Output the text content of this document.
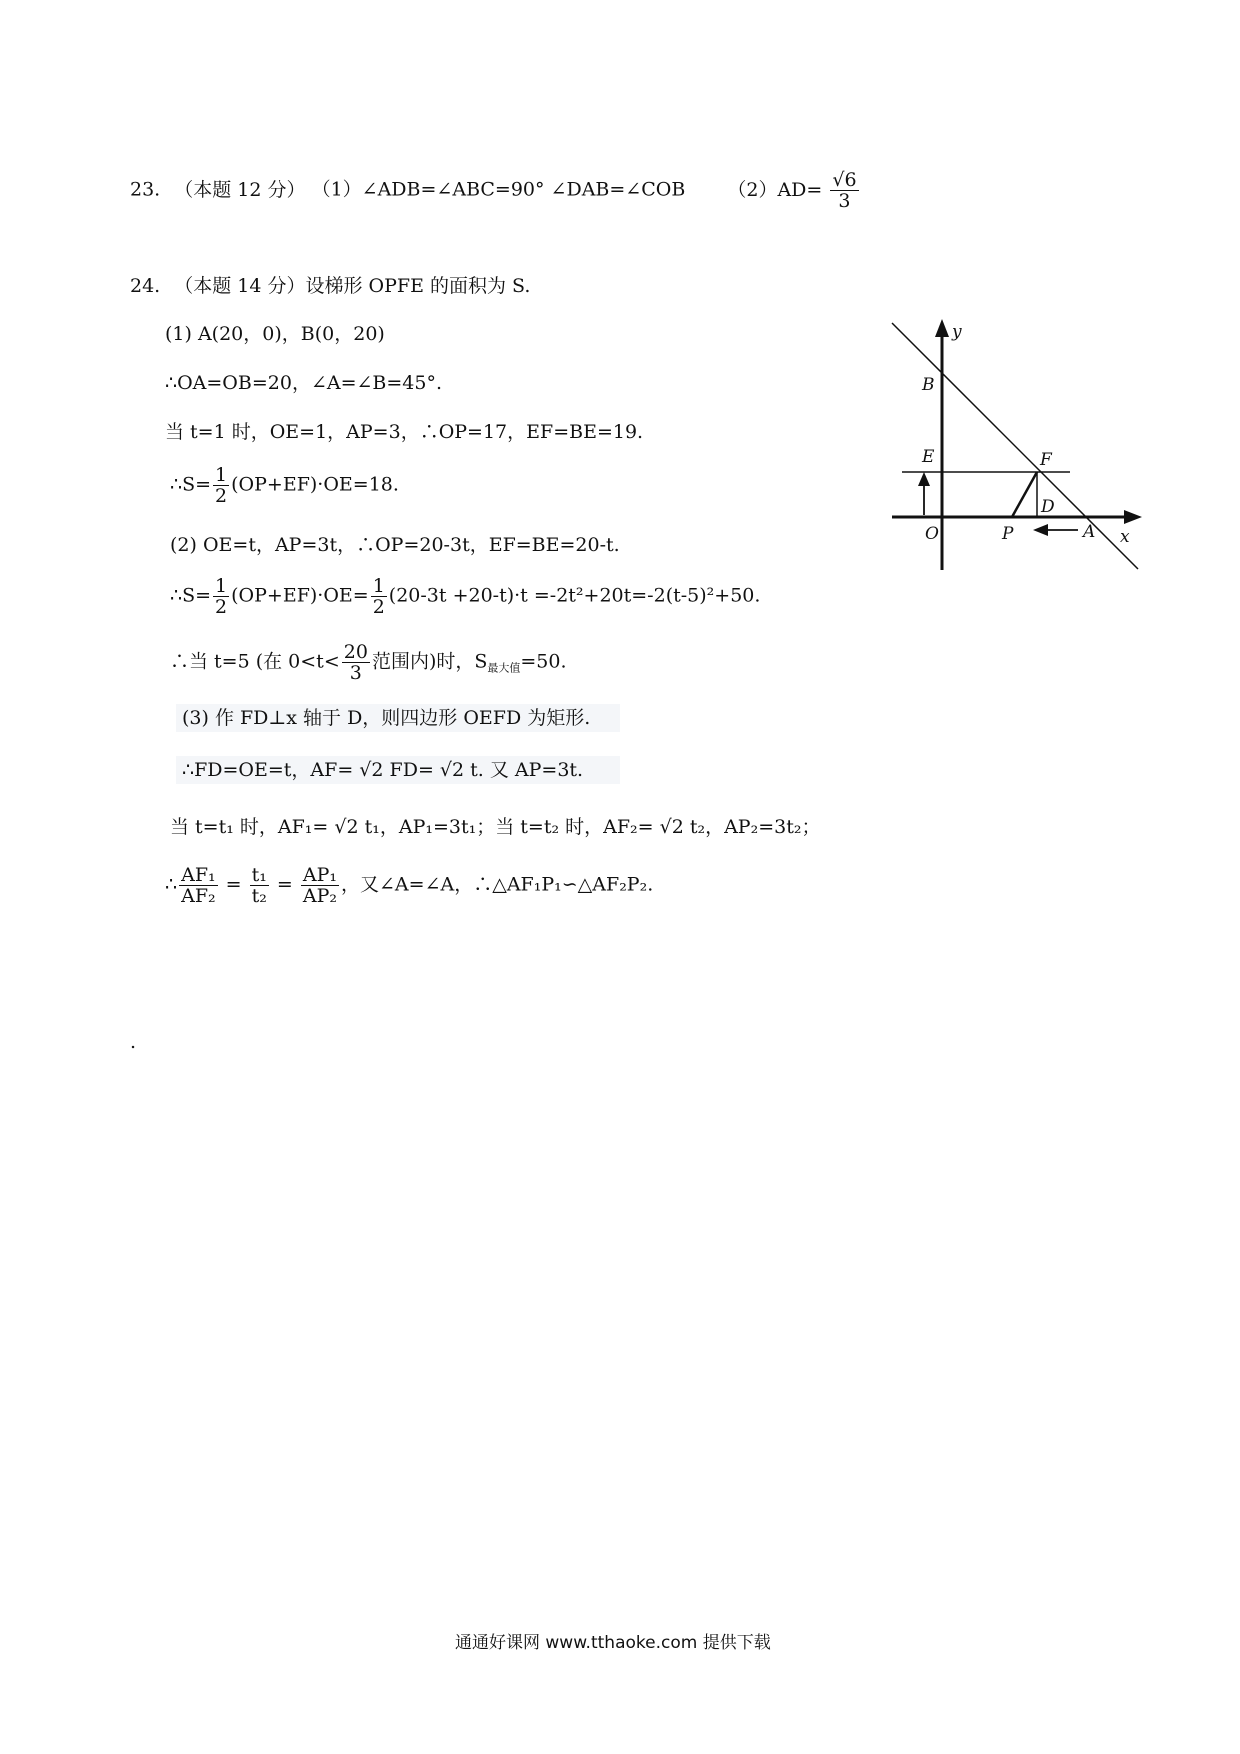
23. （本题 12 分） （1）∠ADB=∠ABC=90° ∠DAB=∠COB $(2)AD= \frac{√6}{3}$
24. （本题 14 分）设梯形 OPFE 的面积为 S.
(1) A(20，0)，B(0，20)
∴OA=OB=20，∠A=∠B=45°.
当 t=1 时，OE=1，AP=3，∴OP=17，EF=BE=19.
∴S= $\frac{1}{2} (OP+EF)\cdot OE=18$.
(2) OE=t，AP=3t，∴OP=20-3t，EF=BE=20-t.
∴S= $\frac{1}{2} (OP+EF)\cdot OE= \frac{1}{2} (20-3t +20-t)\cdot t =-2t^2+20t=-2(t-5)^2+50$.
∴当 t=5 (在 $0<t< \frac{20}{3}$ 范围内)时，$S_{最大值}=50$.
(3) 作 FD⊥x 轴于 D，则四边形 OEFD 为矩形.
∴FD=OE=t，AF= √2 FD= √2 t. 又 AP=3t.
当 t=t₁ 时，AF₁= √2 t₁，AP₁=3t₁；当 t=t₂ 时，AF₂= √2 t₂，AP₂=3t₂；
∴ $\frac{\text{AF₁}}{\text{AF₂}} = \frac{\text{t₁}}{\text{t₂}} = \frac{\text{AP₁}}{\text{AP₂}}$ ，又∠A=∠A，∴△AF₁P₁∽△AF₂P₂.
.
y
B
E	F
D
O	P	A x
通通好课网 www.tthaoke.com 提供下载
